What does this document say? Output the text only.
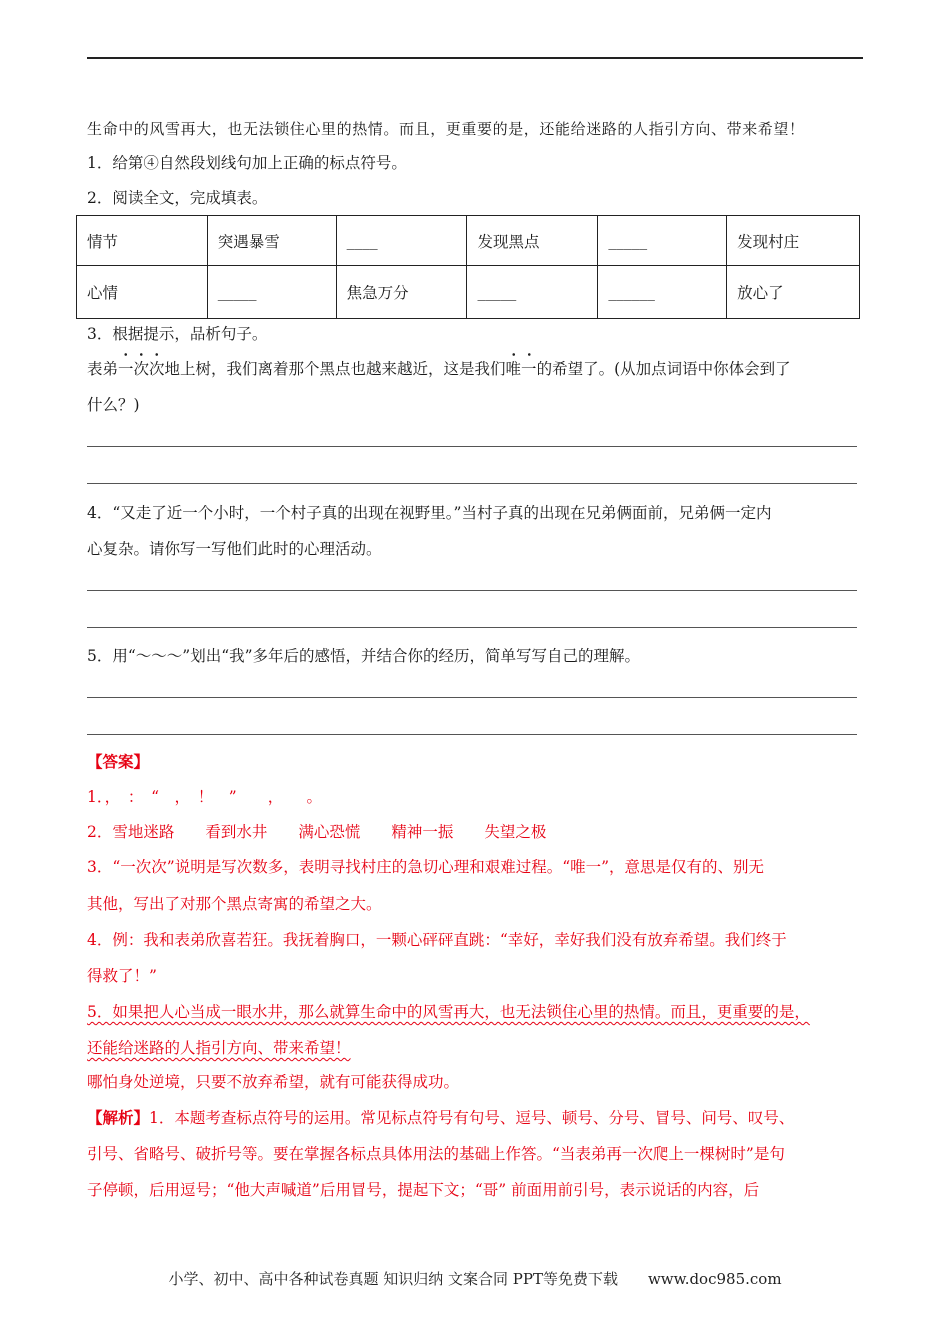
生命中的风雪再大，也无法锁住心里的热情。而且，更重要的是，还能给迷路的人指引方向、带来希望！
1．给第④自然段划线句加上正确的标点符号。
2．阅读全文，完成填表。
情节	突遇暴雪	____	发现黑点	_____	发现村庄
心情	_____	焦急万分	_____	______	放心了
3．根据提示，品析句子。
表弟一次次地上树，我们离着那个黑点也越来越近，这是我们唯一的希望了。(从加点词语中你体会到了
什么？)
4．“又走了近一个小时，一个村子真的出现在视野里。”当村子真的出现在兄弟俩面前，兄弟俩一定内
心复杂。请你写一写他们此时的心理活动。
5．用“～～～”划出“我”多年后的感悟，并结合你的经历，简单写写自己的理解。
【答案】
1．，　：　“　，　！　”　　，　　。
2．雪地迷路　　看到水井　　满心恐慌　　精神一振　　失望之极
3．“一次次”说明是写次数多，表明寻找村庄的急切心理和艰难过程。“唯一”，意思是仅有的、别无
其他，写出了对那个黑点寄寓的希望之大。
4．例：我和表弟欣喜若狂。我抚着胸口，一颗心砰砰直跳：“幸好，幸好我们没有放弃希望。我们终于
得救了！”
5．如果把人心当成一眼水井，那么就算生命中的风雪再大，也无法锁住心里的热情。而且，更重要的是，
还能给迷路的人指引方向、带来希望！
哪怕身处逆境，只要不放弃希望，就有可能获得成功。
【解析】1．本题考查标点符号的运用。常见标点符号有句号、逗号、顿号、分号、冒号、问号、叹号、
引号、省略号、破折号等。要在掌握各标点具体用法的基础上作答。“当表弟再一次爬上一棵树时”是句
子停顿，后用逗号；“他大声喊道”后用冒号，提起下文；“哥” 前面用前引号，表示说话的内容，后
小学、初中、高中各种试卷真题 知识归纳 文案合同 PPT等免费下载　　www.doc985.com
